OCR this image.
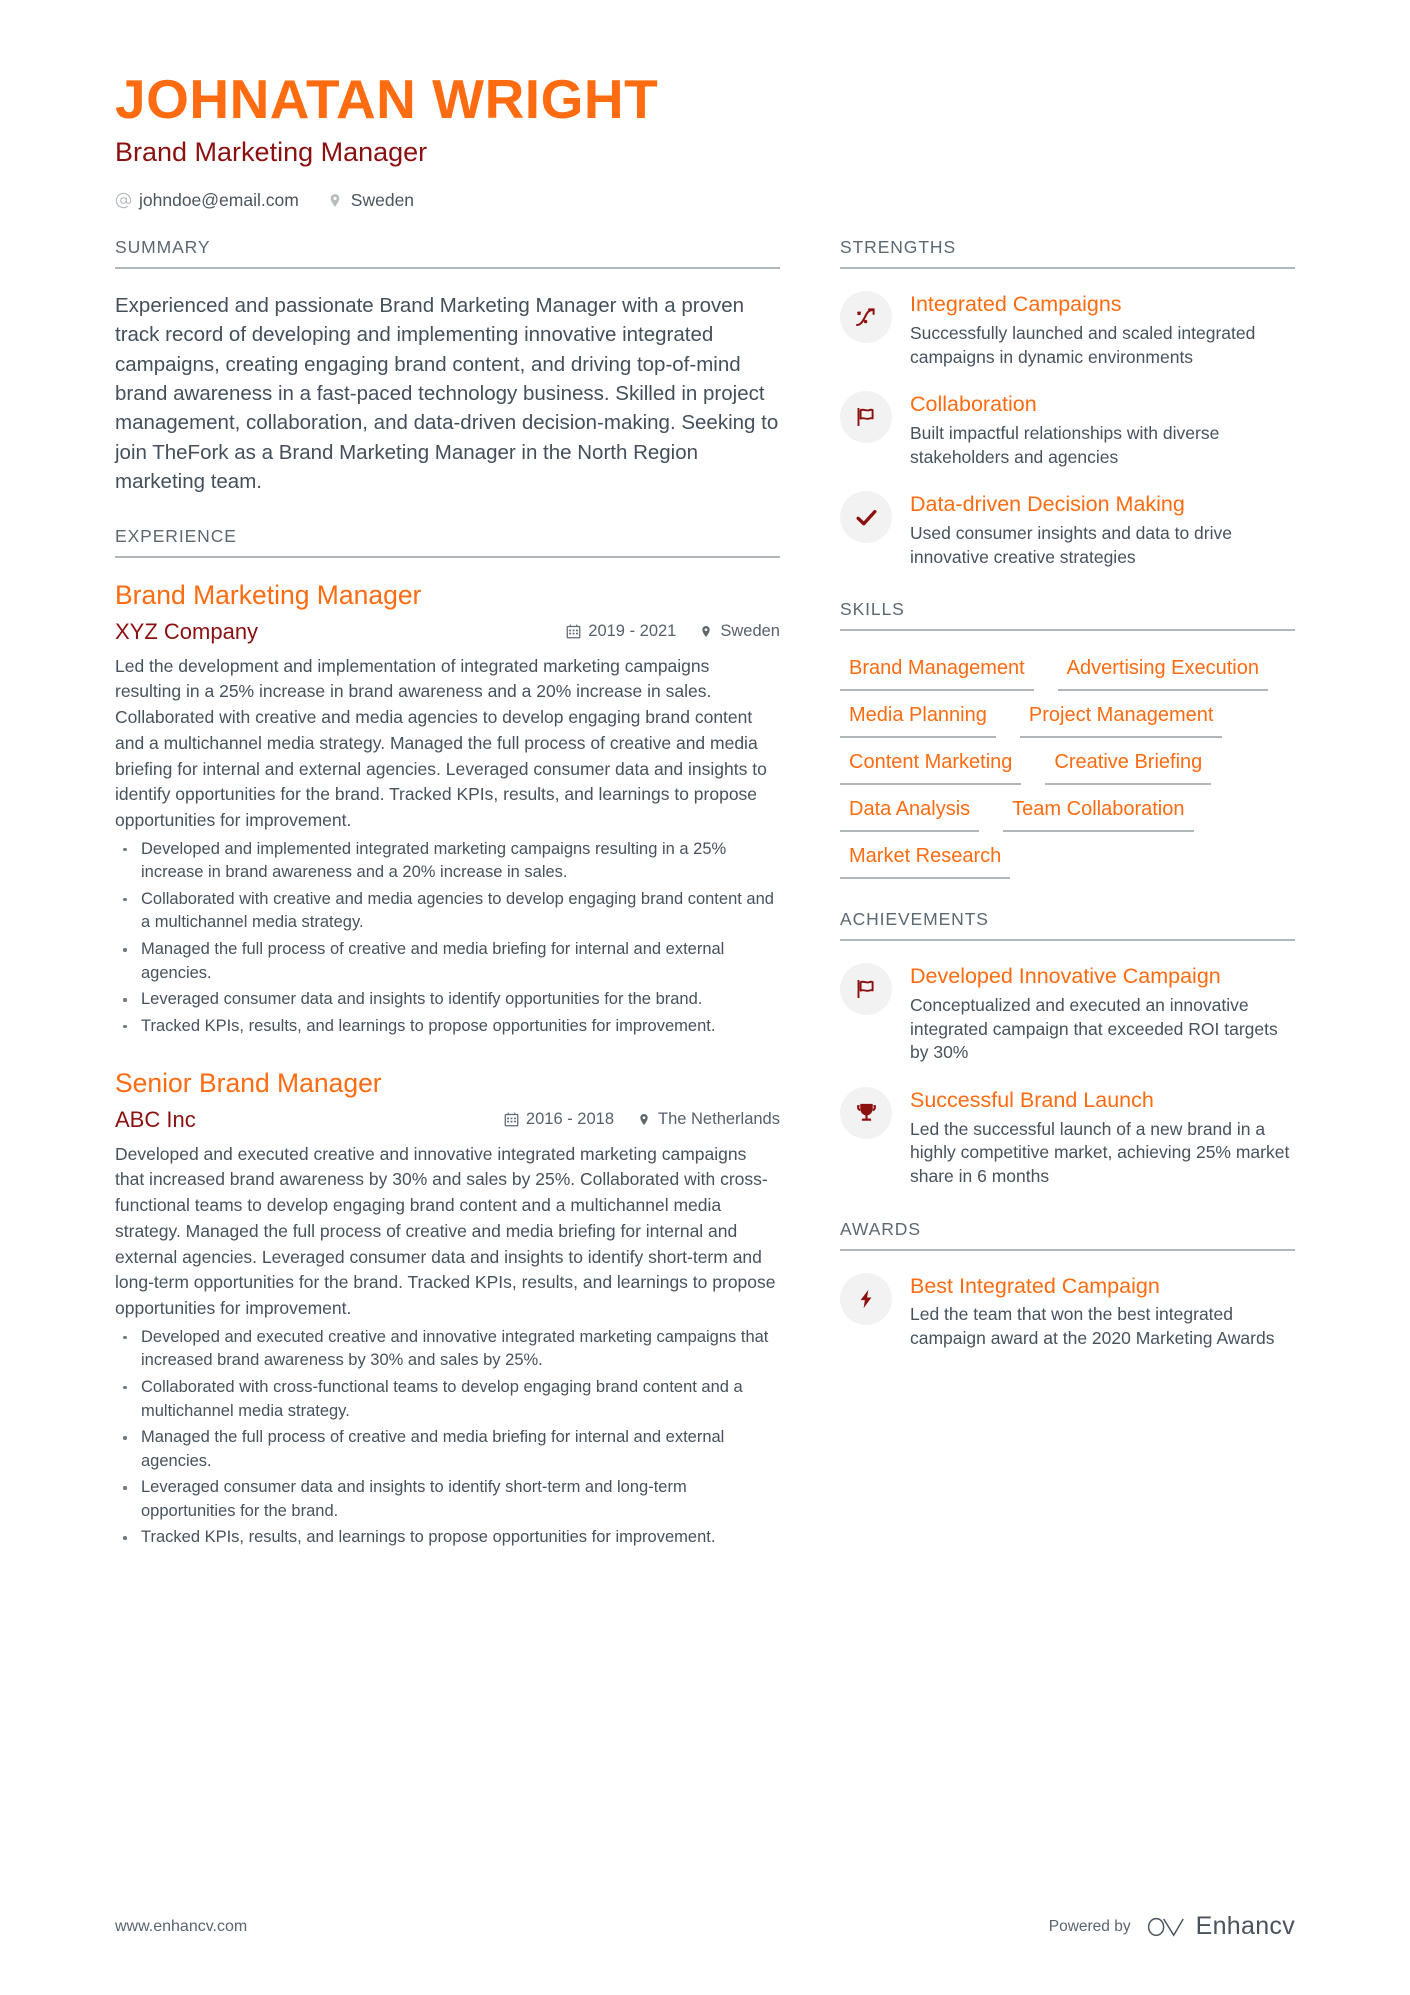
JOHNATAN WRIGHT
Brand Marketing Manager
johndoe@email.com	Sweden
SUMMARY

Experienced and passionate Brand Marketing Manager with a proven track record of developing and implementing innovative integrated campaigns, creating engaging brand content, and driving top-of-mind brand awareness in a fast-paced technology business. Skilled in project management, collaboration, and data-driven decision-making. Seeking to join TheFork as a Brand Marketing Manager in the North Region marketing team.

EXPERIENCE
Brand Marketing Manager
XYZ Company	2019 - 2021	Sweden

Led the development and implementation of integrated marketing campaigns resulting in a 25% increase in brand awareness and a 20% increase in sales. Collaborated with creative and media agencies to develop engaging brand content and a multichannel media strategy. Managed the full process of creative and media briefing for internal and external agencies. Leveraged consumer data and insights to identify opportunities for the brand. Tracked KPIs, results, and learnings to propose opportunities for improvement.

Developed and implemented integrated marketing campaigns resulting in a 25% increase in brand awareness and a 20% increase in sales.
Collaborated with creative and media agencies to develop engaging brand content and a multichannel media strategy.
Managed the full process of creative and media briefing for internal and external agencies.
Leveraged consumer data and insights to identify opportunities for the brand.
Tracked KPIs, results, and learnings to propose opportunities for improvement.
Senior Brand Manager
ABC Inc	2016 - 2018	The Netherlands

Developed and executed creative and innovative integrated marketing campaigns that increased brand awareness by 30% and sales by 25%. Collaborated with cross-functional teams to develop engaging brand content and a multichannel media strategy. Managed the full process of creative and media briefing for internal and external agencies. Leveraged consumer data and insights to identify short-term and long-term opportunities for the brand. Tracked KPIs, results, and learnings to propose opportunities for improvement.

Developed and executed creative and innovative integrated marketing campaigns that increased brand awareness by 30% and sales by 25%.
Collaborated with cross-functional teams to develop engaging brand content and a multichannel media strategy.
Managed the full process of creative and media briefing for internal and external agencies.
Leveraged consumer data and insights to identify short-term and long-term opportunities for the brand.
Tracked KPIs, results, and learnings to propose opportunities for improvement.
STRENGTHS
Integrated Campaigns
Successfully launched and scaled integrated campaigns in dynamic environments
Collaboration
Built impactful relationships with diverse stakeholders and agencies
Data-driven Decision Making
Used consumer insights and data to drive innovative creative strategies
SKILLS
Brand Management	Advertising Execution
Media Planning	Project Management
Content Marketing	Creative Briefing
Data Analysis	Team Collaboration
Market Research
ACHIEVEMENTS
Developed Innovative Campaign
Conceptualized and executed an innovative integrated campaign that exceeded ROI targets by 30%
Successful Brand Launch
Led the successful launch of a new brand in a highly competitive market, achieving 25% market share in 6 months
AWARDS
Best Integrated Campaign
Led the team that won the best integrated campaign award at the 2020 Marketing Awards
www.enhancv.com	Powered by	Enhancv
